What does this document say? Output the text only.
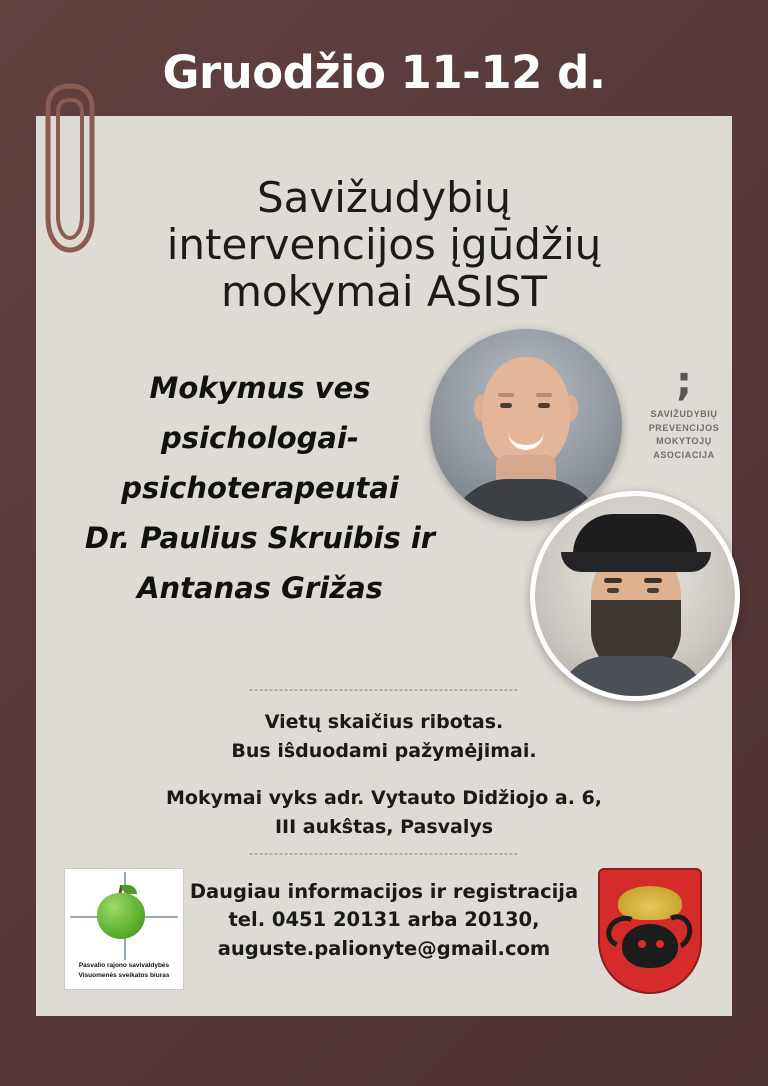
Gruodžio 11-12 d.
Savižudybių
intervencijos įgūdžių
mokymai ASIST
Mokymus ves
psichologai-
psichoterapeutai
Dr. Paulius Skruibis ir
Antanas Grižas
;
SAVIŽUDYBIŲ
PREVENCIJOS
MOKYTOJŲ
ASOCIACIJA
------------------------------------------------------
Vietų skaičius ribotas.
Bus iŝduodami pažymėjimai.
Mokymai vyks adr. Vytauto Didžiojo a. 6,
III aukŝtas, Pasvalys
------------------------------------------------------
Daugiau informacijos ir registracija
tel. 0451 20131 arba 20130,
auguste.palionyte@gmail.com
Pasvalio rajono savivaldybės
Visuomenės sveikatos biuras
